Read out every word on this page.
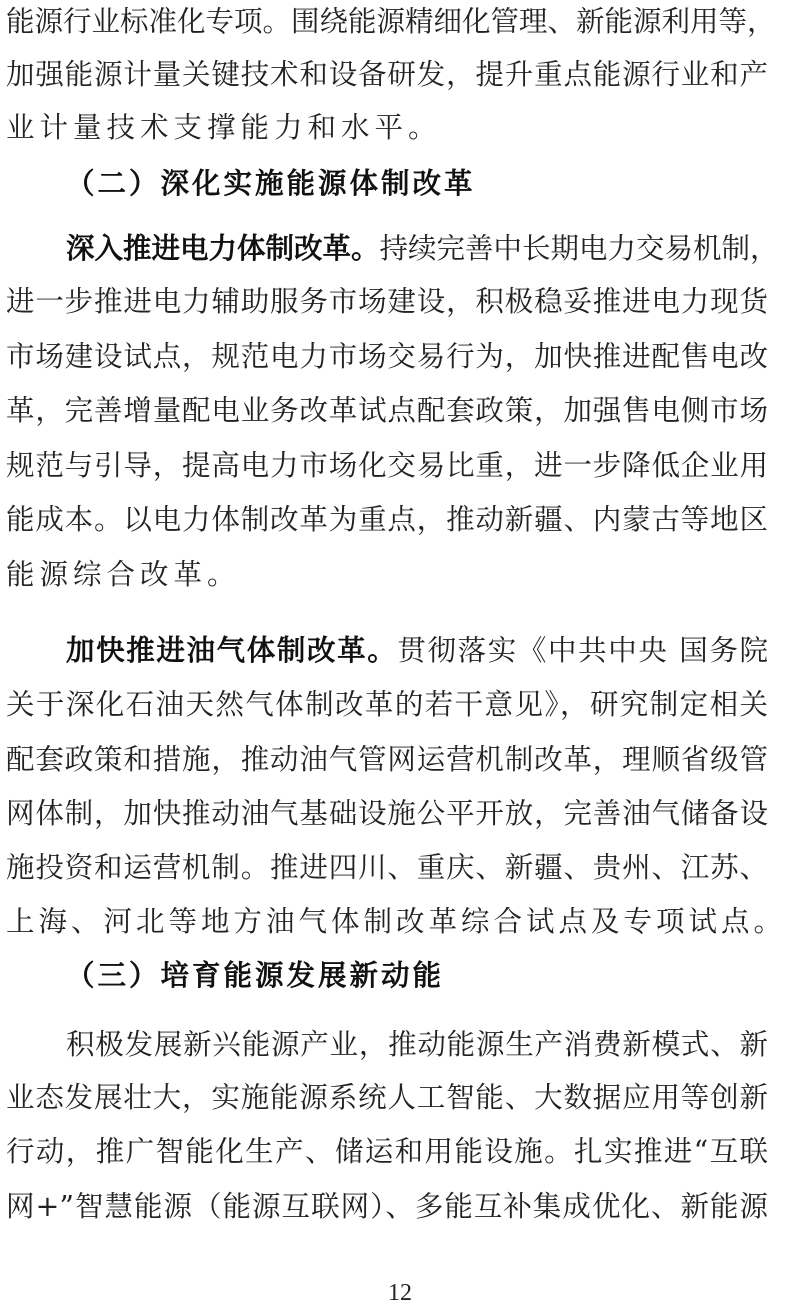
能源行业标准化专项。围绕能源精细化管理、新能源利用等，
加强能源计量关键技术和设备研发，提升重点能源行业和产
业计量技术支撑能力和水平。
（二）深化实施能源体制改革
深入推进电力体制改革。持续完善中长期电力交易机制，
进一步推进电力辅助服务市场建设，积极稳妥推进电力现货
市场建设试点，规范电力市场交易行为，加快推进配售电改
革，完善增量配电业务改革试点配套政策，加强售电侧市场
规范与引导，提高电力市场化交易比重，进一步降低企业用
能成本。以电力体制改革为重点，推动新疆、内蒙古等地区
能源综合改革。
加快推进油气体制改革。贯彻落实《中共中央 国务院
关于深化石油天然气体制改革的若干意见》，研究制定相关
配套政策和措施，推动油气管网运营机制改革，理顺省级管
网体制，加快推动油气基础设施公平开放，完善油气储备设
施投资和运营机制。推进四川、重庆、新疆、贵州、江苏、
上海、河北等地方油气体制改革综合试点及专项试点。
（三）培育能源发展新动能
积极发展新兴能源产业，推动能源生产消费新模式、新
业态发展壮大，实施能源系统人工智能、大数据应用等创新
行动，推广智能化生产、储运和用能设施。扎实推进“互联
网+”智慧能源（能源互联网）、多能互补集成优化、新能源
12
